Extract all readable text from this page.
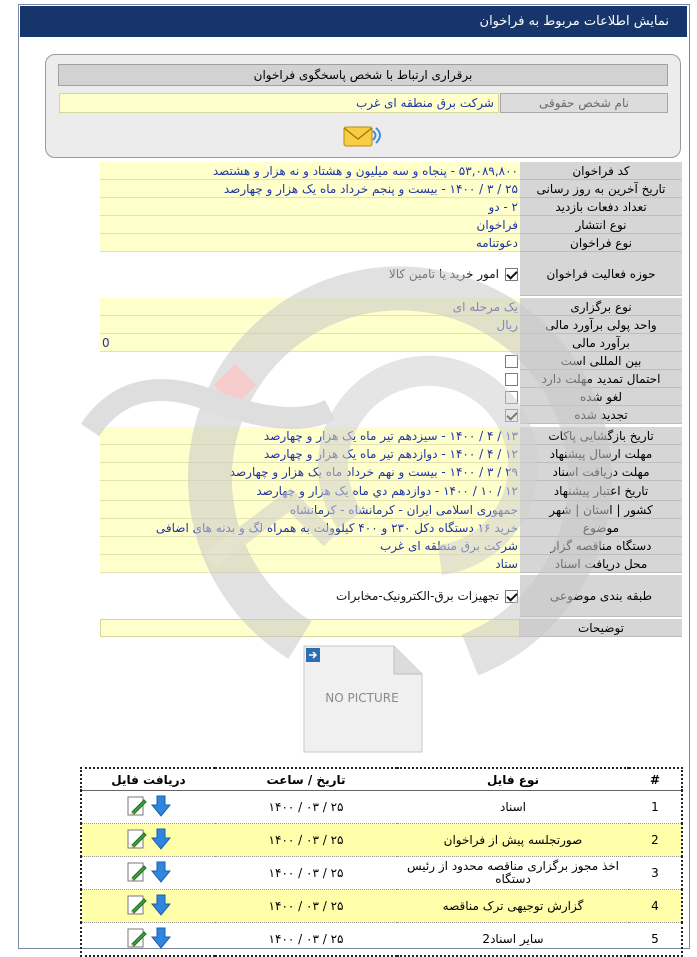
نمایش اطلاعات مربوط به فراخوان
برقراری ارتباط با شخص پاسخگوی فراخوان
نام شخص حقوقی
شرکت برق منطقه ای غرب
کد فراخوان
۵۳,۰۸۹,۸۰۰ - پنجاه و سه میلیون و هشتاد و نه هزار و هشتصد
تاریخ آخرین به روز رسانی
۲۵ / ۳ / ۱۴۰۰ - بیست و پنجم خرداد ماه یک هزار و چهارصد
تعداد دفعات بازدید
۲ - دو
نوع انتشار
فراخوان
نوع فراخوان
دعوتنامه
حوزه فعالیت فراخوان
امور خرید یا تامین کالا
نوع برگزاری
یک مرحله ای
واحد پولی برآورد مالی
ریال
برآورد مالی
0
بین المللی است
احتمال تمدید مهلت دارد
لغو شده
تجدید شده
تاریخ بازگشایی پاکات
۱۳ / ۴ / ۱۴۰۰ - سیزدهم تیر ماه یک هزار و چهارصد
مهلت ارسال پیشنهاد
۱۲ / ۴ / ۱۴۰۰ - دوازدهم تیر ماه یک هزار و چهارصد
مهلت دریافت اسناد
۲۹ / ۳ / ۱۴۰۰ - بیست و نهم خرداد ماه یک هزار و چهارصد
تاریخ اعتبار پیشنهاد
۱۲ / ۱۰ / ۱۴۰۰ - دوازدهم دي ماه یک هزار و چهارصد
کشور | استان | شهر
جمهوری اسلامی ایران - کرمانشاه - کرمانشاه
موضوع
خرید ۱۶ دستگاه دکل ۲۳۰ و ۴۰۰ کیلوولت به همراه لگ و بدنه های اضافی
دستگاه مناقصه گزار
شرکت برق منطقه ای غرب
محل دریافت اسناد
ستاد
طبقه بندی موضوعی
تجهیزات برق-الکترونیک-مخابرات
توضیحات
NO PICTURE
#	نوع فایل	تاریخ / ساعت	دریافت فایل
1	اسناد	۲۵ / ۰۳ / ۱۴۰۰	

2	صورتجلسه پیش از فراخوان	۲۵ / ۰۳ / ۱۴۰۰	

3	اخذ مجوز برگزاری مناقصه محدود از رئیس دستگاه	۲۵ / ۰۳ / ۱۴۰۰	

4	گزارش توجیهی ترک مناقصه	۲۵ / ۰۳ / ۱۴۰۰	

5	سایر اسناد2	۲۵ / ۰۳ / ۱۴۰۰	
